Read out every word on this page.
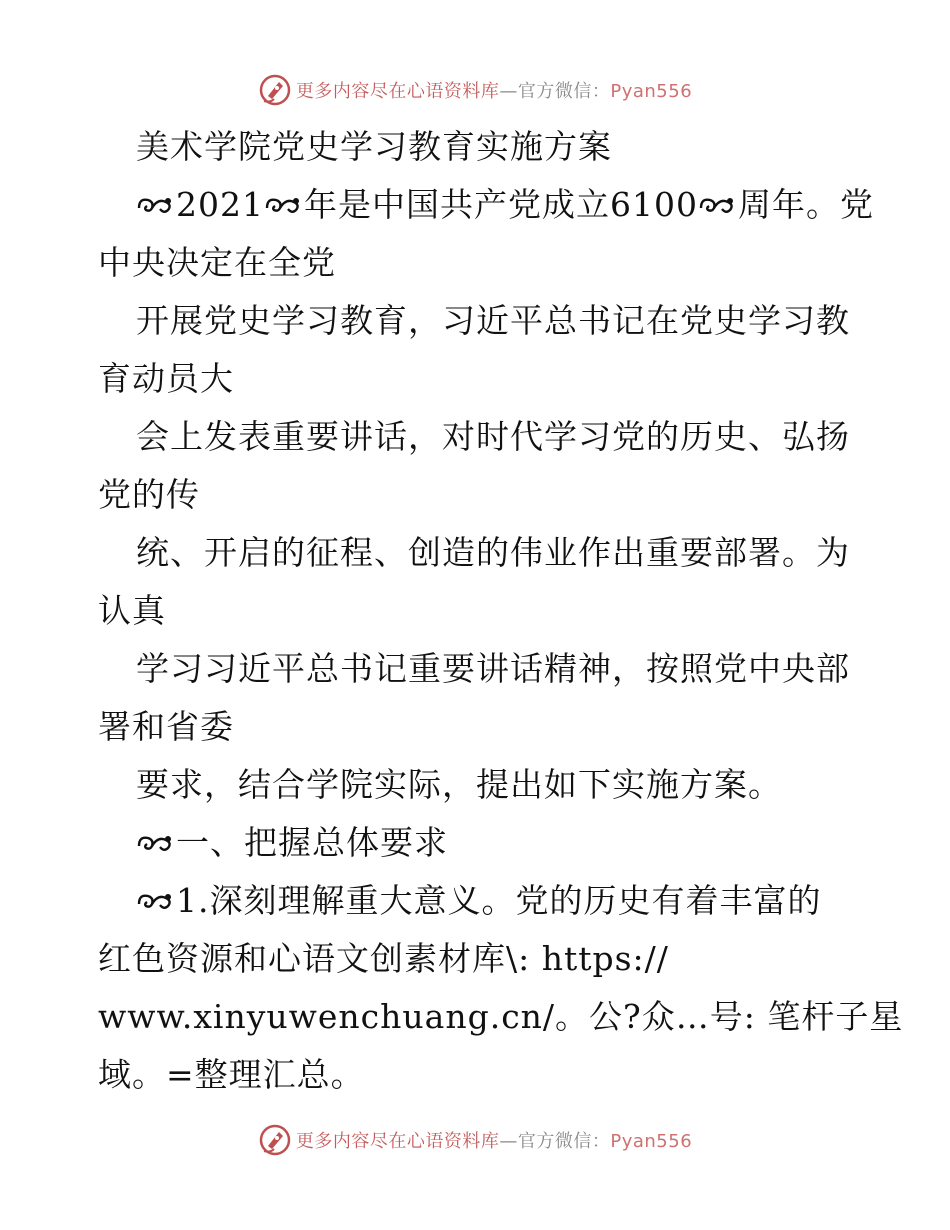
更多内容尽在心语资料库—官方微信：Pyan556
美术学院党史学习教育实施方案
2021 年是中国共产党成立6100 周年。党
中央决定在全党
开展党史学习教育，习近平总书记在党史学习教
育动员大
会上发表重要讲话，对时代学习党的历史、弘扬
党的传
统、开启的征程、创造的伟业作出重要部署。为
认真
学习习近平总书记重要讲话精神，按照党中央部
署和省委
要求，结合学院实际，提出如下实施方案。
一、把握总体要求
1.深刻理解重大意义。党的历史有着丰富的
红色资源和心语文创素材库\: https://
www.xinyuwenchuang.cn/。公?众…号: 笔杆子星
域。=整理汇总。
更多内容尽在心语资料库—官方微信：Pyan556
